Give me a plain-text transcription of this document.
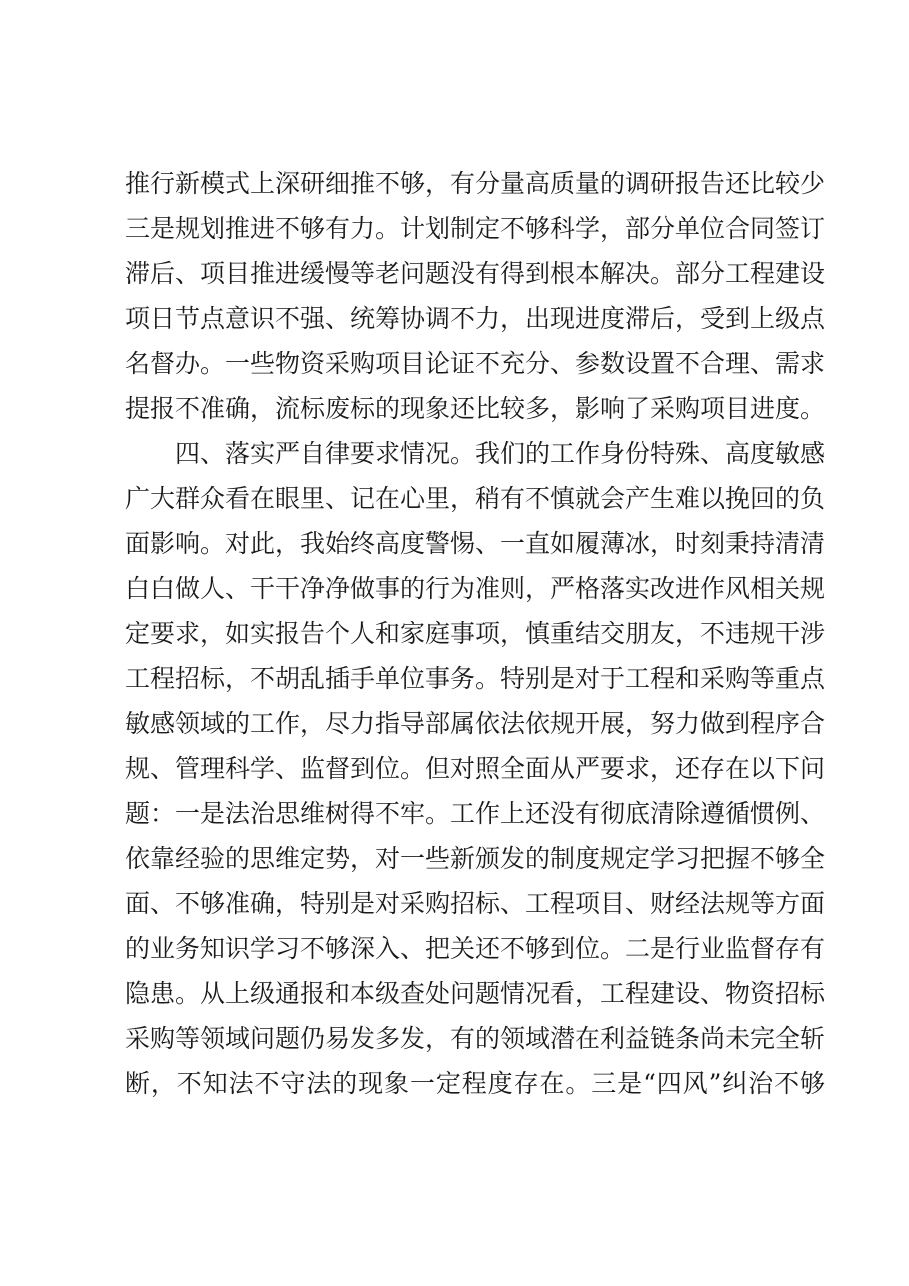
推行新模式上深研细推不够，有分量高质量的调研报告还比较少
三是规划推进不够有力。计划制定不够科学，部分单位合同签订
滞后、项目推进缓慢等老问题没有得到根本解决。部分工程建设
项日节点意识不强、统筹协调不力，出现进度滞后，受到上级点
名督办。一些物资采购项目论证不充分、参数设置不合理、需求
提报不准确，流标废标的现象还比较多，影响了采购项目进度。
四、落实严自律要求情况。我们的工作身份特殊、高度敏感
广大群众看在眼里、记在心里，稍有不慎就会产生难以挽回的负
面影响。对此，我始终高度警惕、一直如履薄冰，时刻秉持清清
白白做人、干干净净做事的行为准则，严格落实改进作风相关规
定要求，如实报告个人和家庭事项，慎重结交朋友，不违规干涉
工程招标，不胡乱插手单位事务。特别是对于工程和采购等重点
敏感领域的工作，尽力指导部属依法依规开展，努力做到程序合
规、管理科学、监督到位。但对照全面从严要求，还存在以下问
题：一是法治思维树得不牢。工作上还没有彻底清除遵循惯例、
依靠经验的思维定势，对一些新颁发的制度规定学习把握不够全
面、不够准确，特别是对采购招标、工程项目、财经法规等方面
的业务知识学习不够深入、把关还不够到位。二是行业监督存有
隐患。从上级通报和本级查处问题情况看，工程建设、物资招标
采购等领域问题仍易发多发，有的领域潜在利益链条尚未完全斩
断，不知法不守法的现象一定程度存在。三是“四风”纠治不够
